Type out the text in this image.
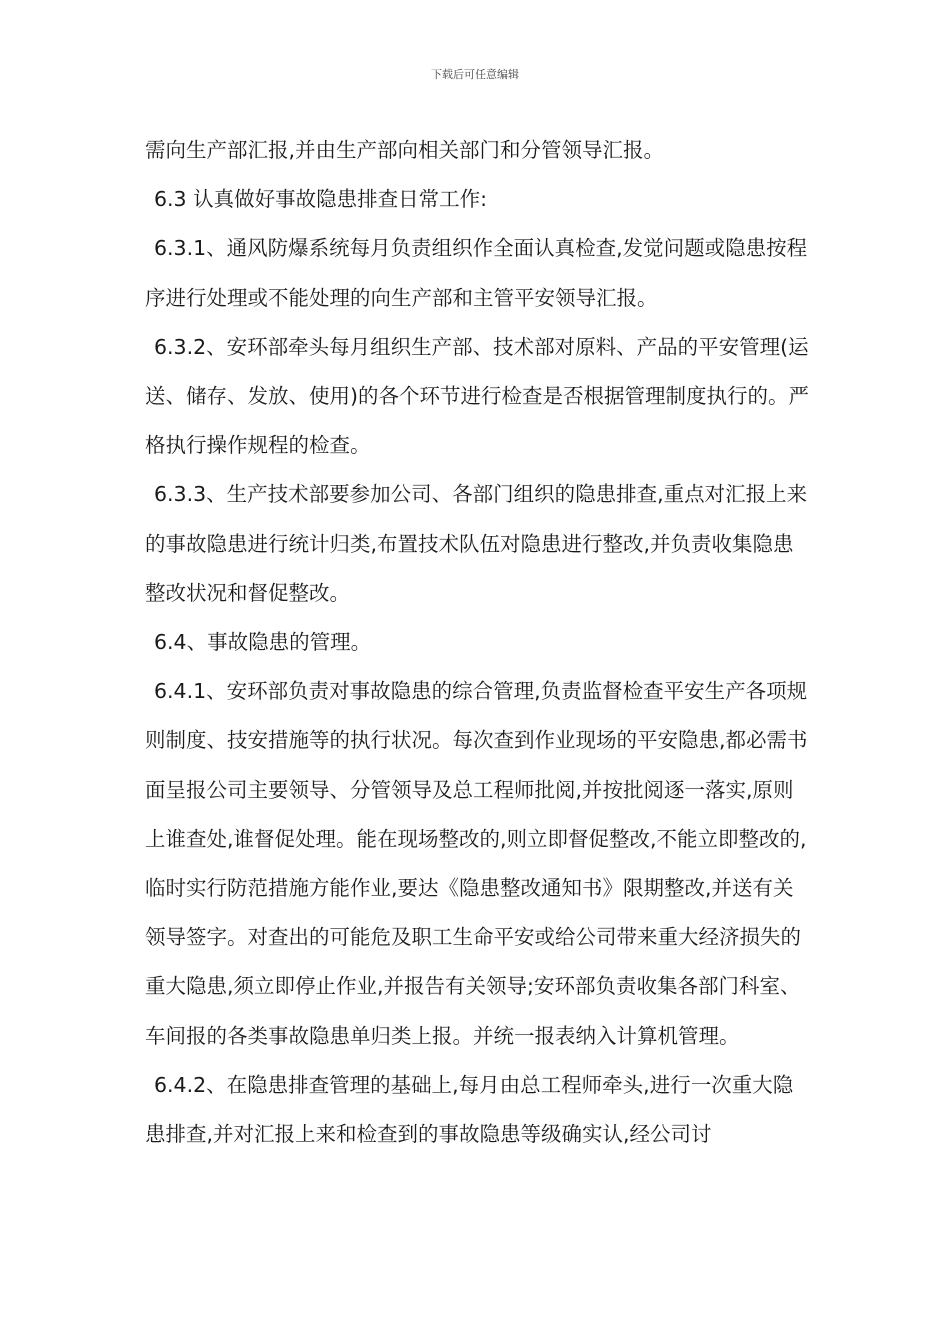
下载后可任意编辑

需向生产部汇报,并由生产部向相关部门和分管领导汇报。

6.3 认真做好事故隐患排查日常工作:

6.3.1、通风防爆系统每月负责组织作全面认真检查,发觉问题或隐患按程序进行处理或不能处理的向生产部和主管平安领导汇报。

6.3.2、安环部牵头每月组织生产部、技术部对原料、产品的平安管理(运送、储存、发放、使用)的各个环节进行检查是否根据管理制度执行的。严格执行操作规程的检查。

6.3.3、生产技术部要参加公司、各部门组织的隐患排查,重点对汇报上来的事故隐患进行统计归类,布置技术队伍对隐患进行整改,并负责收集隐患整改状况和督促整改。

6.4、事故隐患的管理。

6.4.1、安环部负责对事故隐患的综合管理,负责监督检查平安生产各项规则制度、技安措施等的执行状况。每次查到作业现场的平安隐患,都必需书面呈报公司主要领导、分管领导及总工程师批阅,并按批阅逐一落实,原则上谁查处,谁督促处理。能在现场整改的,则立即督促整改,不能立即整改的,临时实行防范措施方能作业,要达《隐患整改通知书》限期整改,并送有关领导签字。对查出的可能危及职工生命平安或给公司带来重大经济损失的重大隐患,须立即停止作业,并报告有关领导;安环部负责收集各部门科室、车间报的各类事故隐患单归类上报。并统一报表纳入计算机管理。

6.4.2、在隐患排查管理的基础上,每月由总工程师牵头,进行一次重大隐患排查,并对汇报上来和检查到的事故隐患等级确实认,经公司讨
